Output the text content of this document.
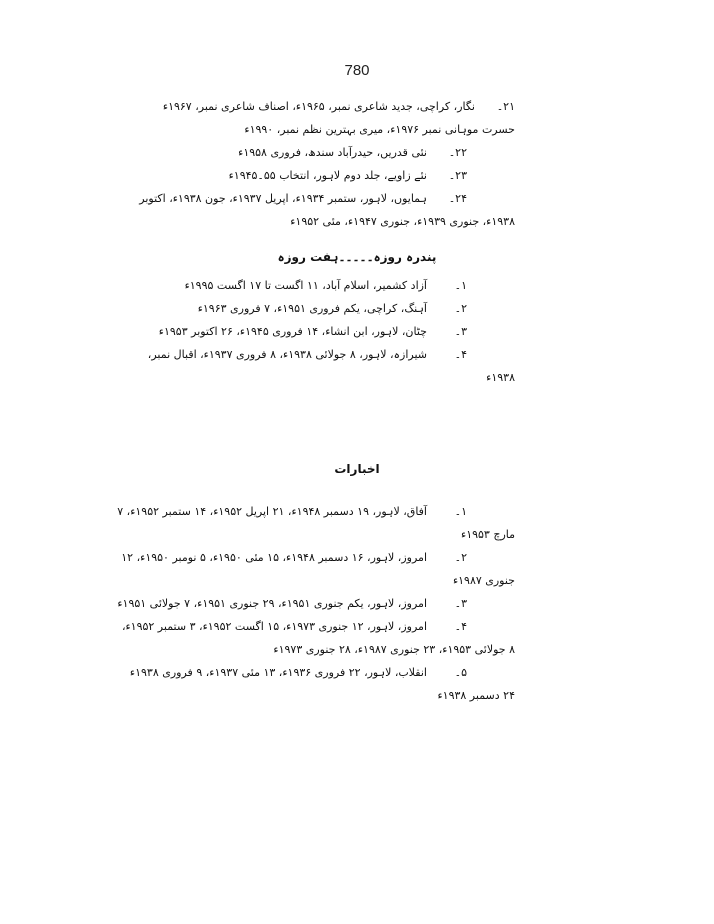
780
۲۱۔نگار، کراچی، جدید شاعری نمبر، ۱۹۶۵ء، اصناف شاعری نمبر، ۱۹۶۷ء
حسرت موہانی نمبر ۱۹۷۶ء، میری بہترین نظم نمبر، ۱۹۹۰ء
۲۲۔نئی قدریں، حیدرآباد سندھ، فروری ۱۹۵۸ء
۲۳۔نئے زاویے، جلد دوم لاہور، انتخاب ۵۵۔۱۹۴۵ء
۲۴۔ہمایوں، لاہور، ستمبر ۱۹۳۴ء، اپریل ۱۹۳۷ء، جون ۱۹۳۸ء، اکتوبر
۱۹۳۸ء، جنوری ۱۹۳۹ء، جنوری ۱۹۴۷ء، مئی ۱۹۵۲ء
پندرہ روزہ۔۔۔۔۔ہفت روزہ
۱۔آزاد کشمیر، اسلام آباد، ۱۱ اگست تا ۱۷ اگست ۱۹۹۵ء
۲۔آہنگ، کراچی، یکم فروری ۱۹۵۱ء، ۷ فروری ۱۹۶۳ء
۳۔چٹان، لاہور، ابن انشاء، ۱۴ فروری ۱۹۴۵ء، ۲۶ اکتوبر ۱۹۵۳ء
۴۔شیرازہ، لاہور، ۸ جولائی ۱۹۳۸ء، ۸ فروری ۱۹۳۷ء، اقبال نمبر،
۱۹۳۸ء
اخبارات
۱۔آفاق، لاہور، ۱۹ دسمبر ۱۹۴۸ء، ۲۱ اپریل ۱۹۵۲ء، ۱۴ ستمبر ۱۹۵۲ء، ۷
مارچ ۱۹۵۳ء
۲۔امروز، لاہور، ۱۶ دسمبر ۱۹۴۸ء، ۱۵ مئی ۱۹۵۰ء، ۵ نومبر ۱۹۵۰ء، ۱۲
جنوری ۱۹۸۷ء
۳۔امروز، لاہور، یکم جنوری ۱۹۵۱ء، ۲۹ جنوری ۱۹۵۱ء، ۷ جولائی ۱۹۵۱ء
۴۔امروز، لاہور، ۱۲ جنوری ۱۹۷۳ء، ۱۵ اگست ۱۹۵۲ء، ۳ ستمبر ۱۹۵۲ء،
۸ جولائی ۱۹۵۳ء، ۲۳ جنوری ۱۹۸۷ء، ۲۸ جنوری ۱۹۷۳ء
۵۔انقلاب، لاہور، ۲۲ فروری ۱۹۳۶ء، ۱۳ مئی ۱۹۳۷ء، ۹ فروری ۱۹۳۸ء
۲۴ دسمبر ۱۹۳۸ء
